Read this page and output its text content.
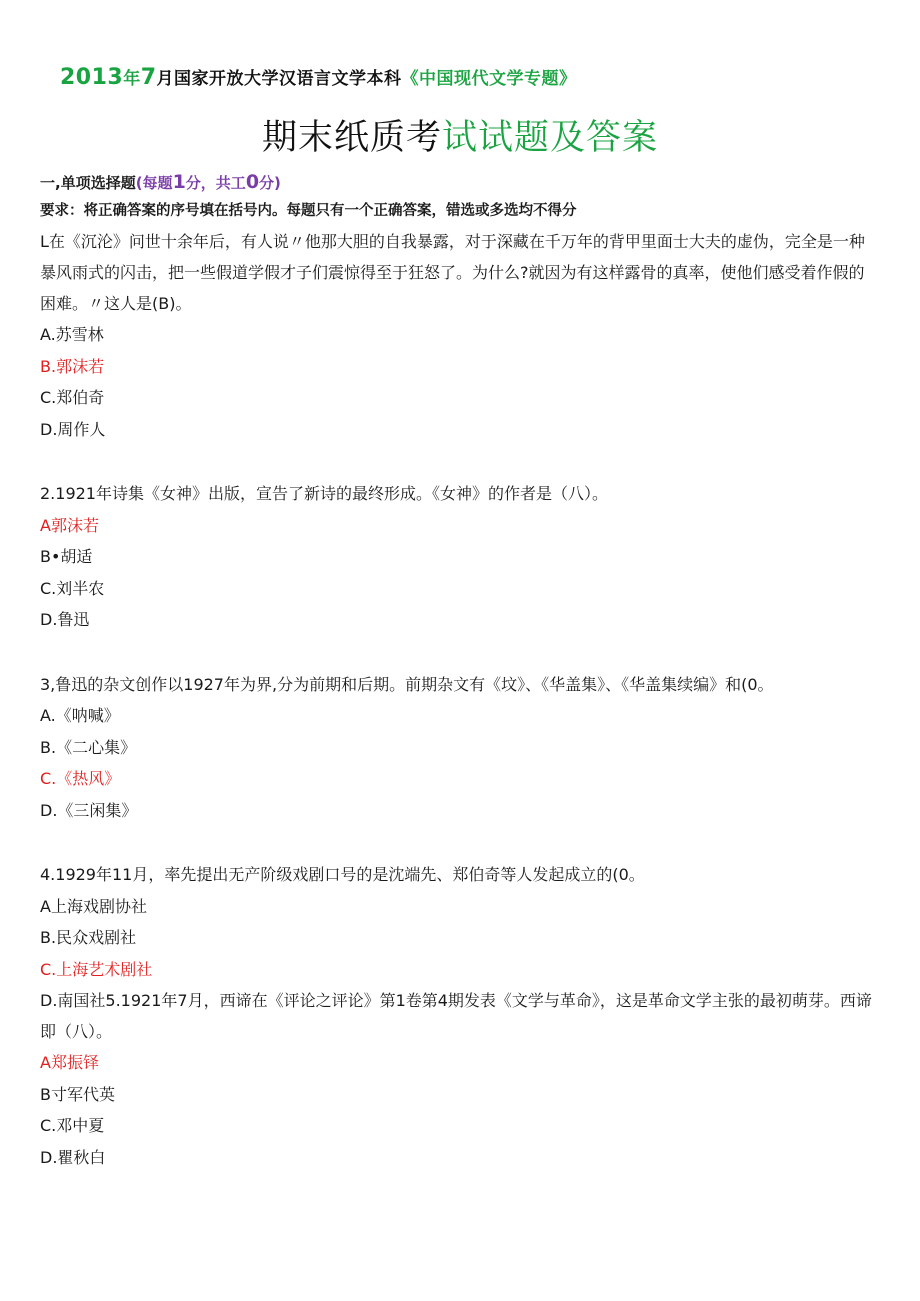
2013年7月国家开放大学汉语言文学本科《中国现代文学专题》
期末纸质考试试题及答案
一,单项选择题(每题1分，共工0分)
要求：将正确答案的序号填在括号内。每题只有一个正确答案，错选或多选均不得分
L在《沉沦》问世十余年后，有人说〃他那大胆的自我暴露，对于深藏在千万年的背甲里面士大夫的虚伪，完全是一种暴风雨式的闪击，把一些假道学假才子们震惊得至于狂怒了。为什么?就因为有这样露骨的真率，使他们感受着作假的困难。〃这人是(B)。
A.苏雪林
B.郭沫若
C.郑伯奇
D.周作人
2.1921年诗集《女神》出版，宣告了新诗的最终形成。《女神》的作者是（八）。
A郭沫若
B•胡适
C.刘半农
D.鲁迅
3,鲁迅的杂文创作以1927年为界,分为前期和后期。前期杂文有《坟》、《华盖集》、《华盖集续编》和(0。
A.《呐喊》
B.《二心集》
C.《热风》
D.《三闲集》
4.1929年11月，率先提出无产阶级戏剧口号的是沈端先、郑伯奇等人发起成立的(0。
A上海戏剧协社
B.民众戏剧社
C.上海艺术剧社
D.南国社5.1921年7月，西谛在《评论之评论》第1卷第4期发表《文学与革命》，这是革命文学主张的最初萌芽。西谛即（八）。
A郑振铎
B寸军代英
C.邓中夏
D.瞿秋白
